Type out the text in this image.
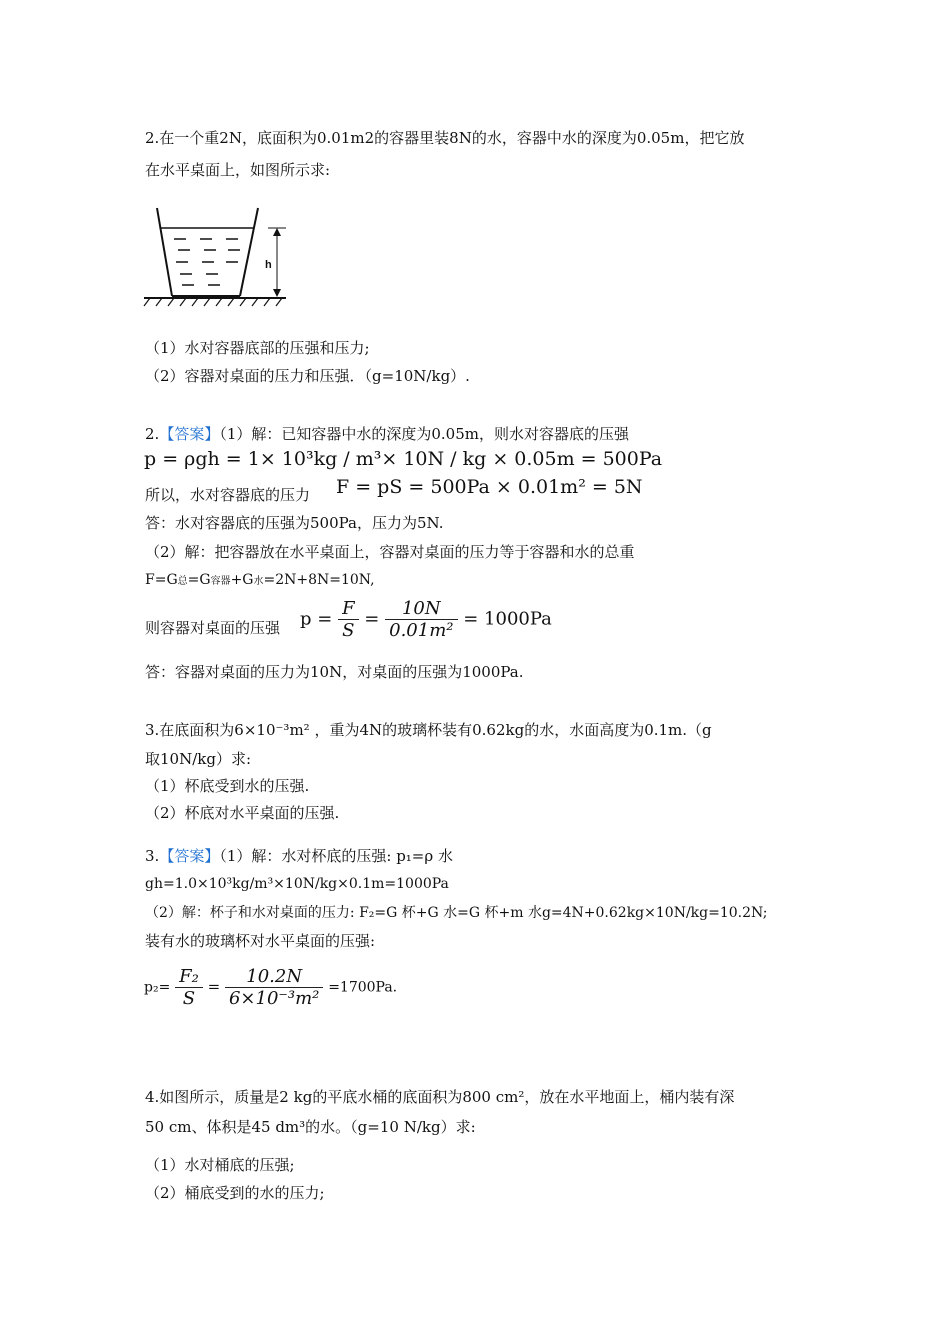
2.在一个重2N，底面积为0.01m2的容器里装8N的水，容器中水的深度为0.05m，把它放
在水平桌面上，如图所示求:
h
（1）水对容器底部的压强和压力;
（2）容器对桌面的压力和压强．（g=10N/kg）.
2.【答案】（1）解：已知容器中水的深度为0.05m，则水对容器底的压强
p = ρgh = 1× 10³kg / m³× 10N / kg × 0.05m = 500Pa
所以，水对容器底的压力 F = pS = 500Pa × 0.01m² = 5N
答：水对容器底的压强为500Pa，压力为5N.
（2）解：把容器放在水平桌面上，容器对桌面的压力等于容器和水的总重
F=G总=G容器+G水=2N+8N=10N,
则容器对桌面的压强 $p = \frac{F}{S} = \frac{10N}{\text{0.01m²}} = 1000Pa$
答：容器对桌面的压力为10N，对桌面的压强为1000Pa.
3.在底面积为6×10⁻³m² ，重为4N的玻璃杯装有0.62kg的水，水面高度为0.1m.（g
取10N/kg）求:
（1）杯底受到水的压强.
（2）杯底对水平桌面的压强.
3.【答案】（1）解：水对杯底的压强: p₁=ρ 水
gh=1.0×10³kg/m³×10N/kg×0.1m=1000Pa
（2）解：杯子和水对桌面的压力: F₂=G 杯+G 水=G 杯+m 水g=4N+0.62kg×10N/kg=10.2N;
装有水的玻璃杯对水平桌面的压强:
$p_2= \frac{\text{F₂}}{S} = \frac{10.2N}{\text{6×10⁻³m²}} =1700Pa$.
4.如图所示，质量是2 kg的平底水桶的底面积为800 cm²，放在水平地面上，桶内装有深
50 cm、体积是45 dm³的水。（g=10 N/kg）求:
（1）水对桶底的压强;
（2）桶底受到的水的压力;
